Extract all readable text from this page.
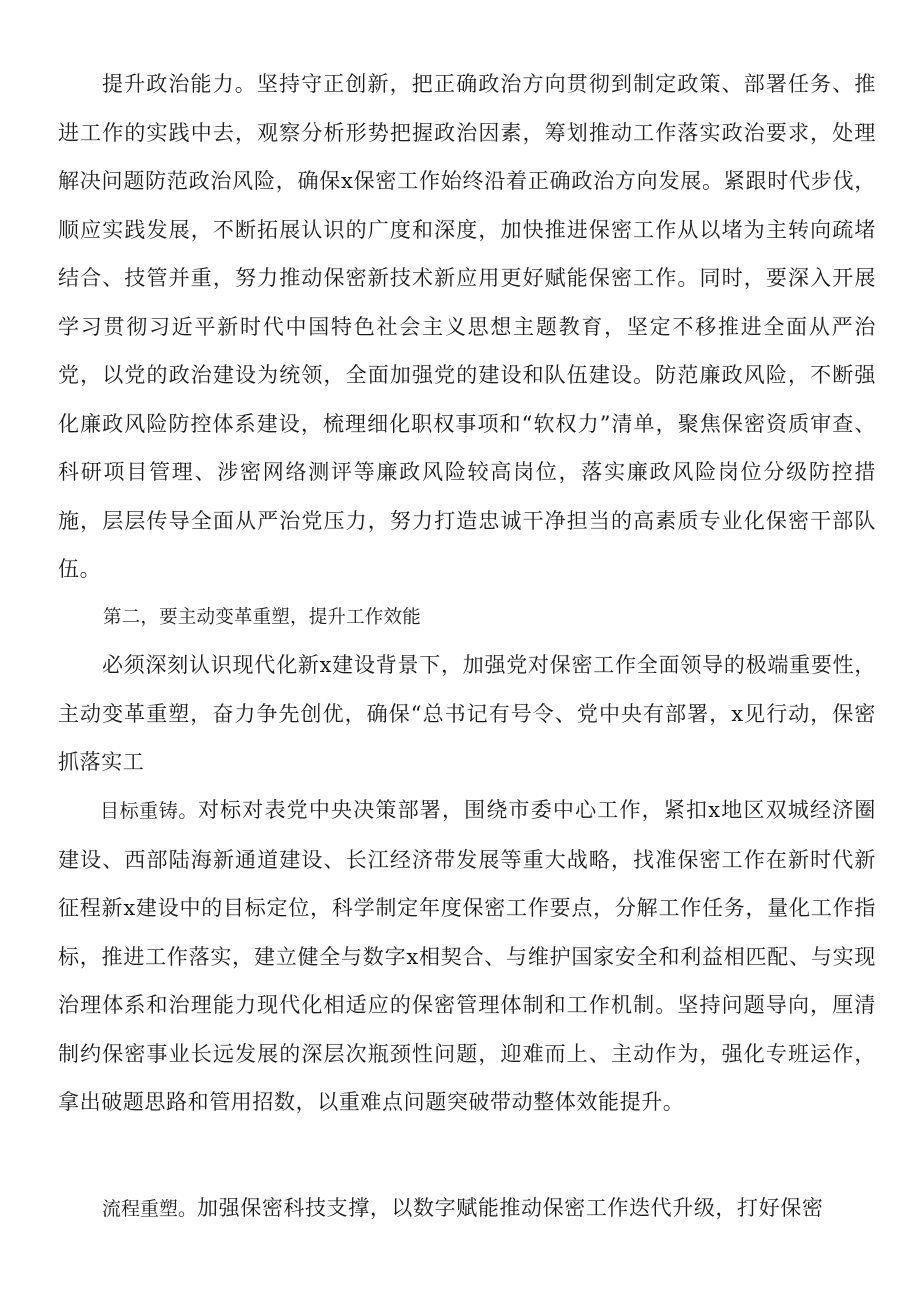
提升政治能力。坚持守正创新，把正确政治方向贯彻到制定政策、部署任务、推进工作的实践中去，观察分析形势把握政治因素，筹划推动工作落实政治要求，处理解决问题防范政治风险，确保x保密工作始终沿着正确政治方向发展。紧跟时代步伐，顺应实践发展，不断拓展认识的广度和深度，加快推进保密工作从以堵为主转向疏堵结合、技管并重，努力推动保密新技术新应用更好赋能保密工作。同时，要深入开展学习贯彻习近平新时代中国特色社会主义思想主题教育，坚定不移推进全面从严治党，以党的政治建设为统领，全面加强党的建设和队伍建设。防范廉政风险，不断强化廉政风险防控体系建设，梳理细化职权事项和“软权力”清单，聚焦保密资质审查、科研项目管理、涉密网络测评等廉政风险较高岗位，落实廉政风险岗位分级防控措施，层层传导全面从严治党压力，努力打造忠诚干净担当的高素质专业化保密干部队伍。

第二，要主动变革重塑，提升工作效能

必须深刻认识现代化新x建设背景下，加强党对保密工作全面领导的极端重要性，主动变革重塑，奋力争先创优，确保“总书记有号令、党中央有部署，x见行动，保密抓落实工

目标重铸。对标对表党中央决策部署，围绕市委中心工作，紧扣x地区双城经济圈建设、西部陆海新通道建设、长江经济带发展等重大战略，找准保密工作在新时代新征程新x建设中的目标定位，科学制定年度保密工作要点，分解工作任务，量化工作指标，推进工作落实，建立健全与数字x相契合、与维护国家安全和利益相匹配、与实现治理体系和治理能力现代化相适应的保密管理体制和工作机制。坚持问题导向，厘清制约保密事业长远发展的深层次瓶颈性问题，迎难而上、主动作为，强化专班运作，拿出破题思路和管用招数，以重难点问题突破带动整体效能提升。

流程重塑。加强保密科技支撑，以数字赋能推动保密工作迭代升级，打好保密
